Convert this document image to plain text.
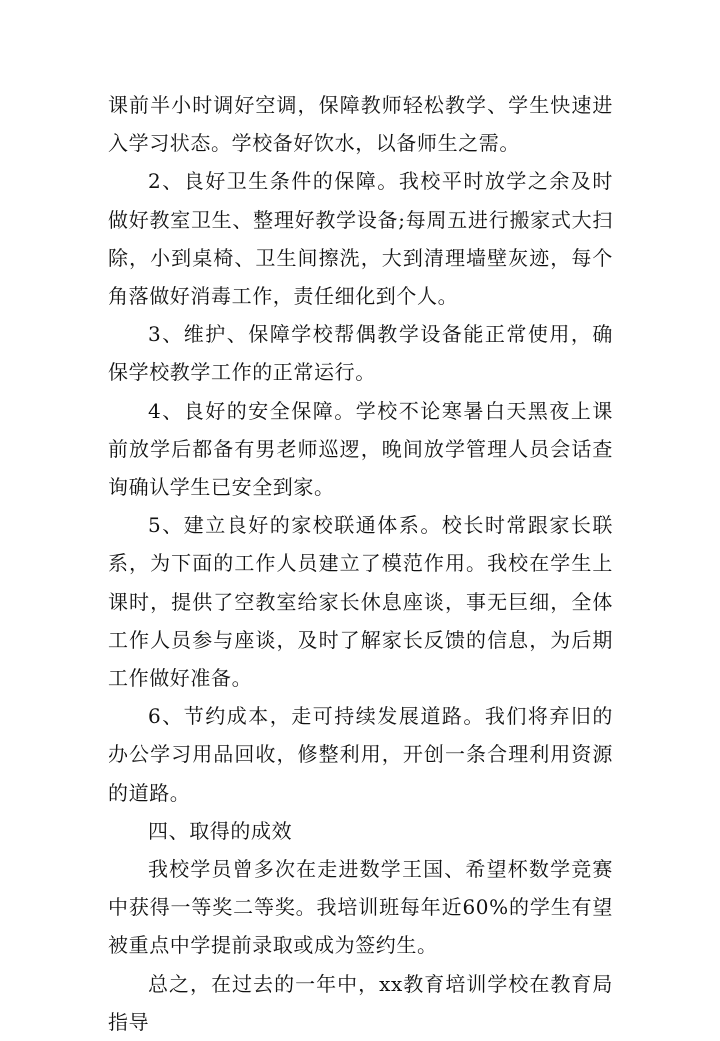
课前半小时调好空调，保障教师轻松教学、学生快速进入学习状态。学校备好饮水，以备师生之需。

2、良好卫生条件的保障。我校平时放学之余及时做好教室卫生、整理好教学设备;每周五进行搬家式大扫除，小到桌椅、卫生间擦洗，大到清理墙壁灰迹，每个角落做好消毒工作，责任细化到个人。

3、维护、保障学校帮偶教学设备能正常使用，确保学校教学工作的正常运行。

4、良好的安全保障。学校不论寒暑白天黑夜上课前放学后都备有男老师巡逻，晚间放学管理人员会话查询确认学生已安全到家。

5、建立良好的家校联通体系。校长时常跟家长联系，为下面的工作人员建立了模范作用。我校在学生上课时，提供了空教室给家长休息座谈，事无巨细，全体工作人员参与座谈，及时了解家长反馈的信息，为后期工作做好准备。

6、节约成本，走可持续发展道路。我们将弃旧的办公学习用品回收，修整利用，开创一条合理利用资源的道路。

四、取得的成效

我校学员曾多次在走进数学王国、希望杯数学竞赛中获得一等奖二等奖。我培训班每年近60%的学生有望被重点中学提前录取或成为签约生。

总之，在过去的一年中，xx教育培训学校在教育局指导
